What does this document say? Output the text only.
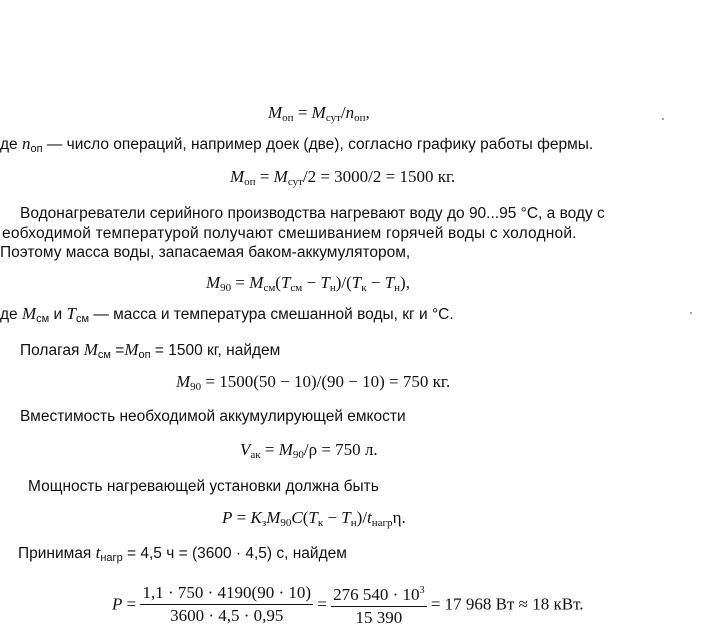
$M_{оп} = M_{сут}/n_{оп}$,
де $n_{оп}$ — число операций, например доек (две), согласно графику работы фермы.
$M_{оп} = M_{сут}/2 = 3000/2 = 1500$ кг.
Водонагреватели серийного производства нагревают воду до 90...95 °С, а воду с
еобходимой температурой получают смешиванием горячей воды с холодной.
Поэтому масса воды, запасаемая баком-аккумулятором,
$M_{90} = M_{см}(T_{см} - T_н)/(T_к - T_н)$,
де $M_{см}$ и $T_{см}$ — масса и температура смешанной воды, кг и °С.
Полагая $M_{см} =M_{оп} = 1500$ кг, найдем
$M_{90} = 1500(50 - 10)/(90 - 10) = 750$ кг.
Вместимость необходимой аккумулирующей емкости
$V_{ак} = M_{90}/\rho = 750$ л.
Мощность нагревающей установки должна быть
$P = K_зM_{90}C(T_к - T_н)/t_{нагр}\eta$.
Принимая $t_{нагр} = 4,5$ ч = (3600 · 4,5) с, найдем
$P = \frac{1,1 \cdot 750 \cdot 4190(90 \cdot 10)}{3600 \cdot 4,5 \cdot 0,95} = \frac{276 540 \cdot 10^3}{15 390} = 17$ 968 Вт ≈ 18 кВт.
